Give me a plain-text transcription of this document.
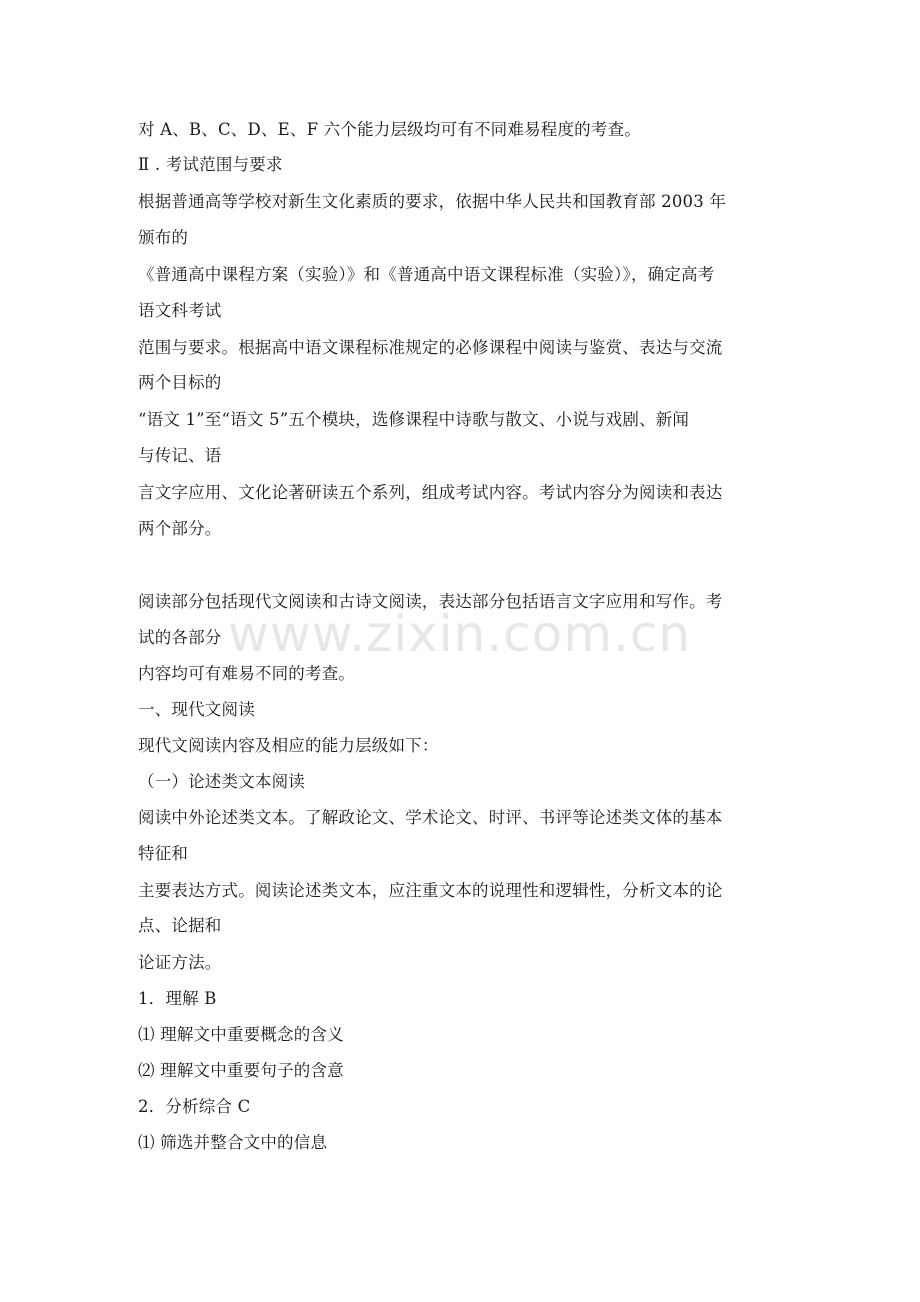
对 A、B、C、D、E、F 六个能力层级均可有不同难易程度的考查。
Ⅱ . 考试范围与要求
根据普通高等学校对新生文化素质的要求，依据中华人民共和国教育部 2003 年
颁布的
《普通高中课程方案（实验）》和《普通高中语文课程标准（实验）》，确定高考
语文科考试
范围与要求。根据高中语文课程标准规定的必修课程中阅读与鉴赏、表达与交流
两个目标的
“语文 1”至“语文 5”五个模块，选修课程中诗歌与散文、小说与戏剧、新闻
与传记、语
言文字应用、文化论著研读五个系列，组成考试内容。考试内容分为阅读和表达
两个部分。
阅读部分包括现代文阅读和古诗文阅读，表达部分包括语言文字应用和写作。考
试的各部分
内容均可有难易不同的考查。
一、现代文阅读
现代文阅读内容及相应的能力层级如下：
（一）论述类文本阅读
阅读中外论述类文本。了解政论文、学术论文、时评、书评等论述类文体的基本
特征和
主要表达方式。阅读论述类文本，应注重文本的说理性和逻辑性，分析文本的论
点、论据和
论证方法。
1．理解 B
⑴ 理解文中重要概念的含义
⑵ 理解文中重要句子的含意
2．分析综合 C
⑴ 筛选并整合文中的信息
www.zixin.com.cn
